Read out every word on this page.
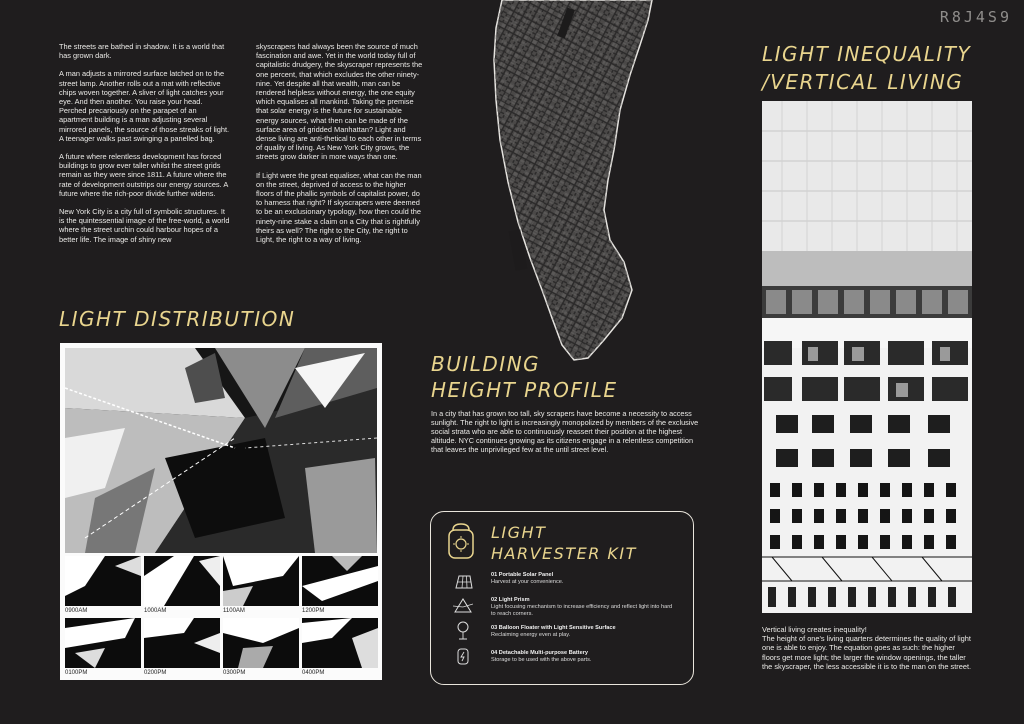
R8J4S9

The streets are bathed in shadow. It is a world that has grown dark.

A man adjusts a mirrored surface latched on to the street lamp. Another rolls out a mat with reflective chips woven together. A sliver of light catches your eye. And then another. You raise your head. Perched precariously on the parapet of an apartment building is a man adjusting several mirrored panels, the source of those streaks of light. A teenager walks past swinging a panelled bag.

A future where relentless development has forced buildings to grow ever taller whilst the street grids remain as they were since 1811. A future where the rate of development outstrips our energy sources. A future where the rich-poor divide further widens.

New York City is a city full of symbolic structures. It is the quintessential image of the free-world, a world where the street urchin could harbour hopes of a better life. The image of shiny new

skyscrapers had always been the source of much fascination and awe. Yet in the world today full of capitalistic drudgery, the skyscraper represents the one percent, that which excludes the other ninety-nine. Yet despite all that wealth, man can be rendered helpless without energy, the one equity which equalises all mankind. Taking the premise that solar energy is the future for sustainable energy sources, what then can be made of the surface area of gridded Manhattan? Light and dense living are anti-thetical to each other in terms of quality of living. As New York City grows, the streets grow darker in more ways than one.

If Light were the great equaliser, what can the man on the street, deprived of access to the higher floors of the phallic symbols of capitalist power, do to harness that right? If skyscrapers were deemed to be an exclusionary typology, how then could the ninety-nine stake a claim on a City that is rightfully theirs as well? The right to the City, the right to Light, the right to a way of living.

LIGHT DISTRIBUTION
0900AM	1000AM	1100AM	1200PM
0100PM	0200PM	0300PM	0400PM
BUILDING
HEIGHT PROFILE
In a city that has grown too tall, sky scrapers have become a necessity to access sunlight. The right to light is increasingly monopolized by members of the exclusive social strata who are able to continuously reassert their position at the highest altitude. NYC continues growing as its citizens engage in a relentless competition that leaves the unprivileged few at the until street level.
LIGHT
HARVESTER KIT
01 Portable Solar Panel
Harvest at your convenience.
02 Light Prism
Light focusing mechanism to increase efficiency and reflect light into hard to reach corners.
03 Balloon Floater with Light Sensitive Surface
Reclaiming energy even at play.
04 Detachable Multi-purpose Battery
Storage to be used with the above parts.
LIGHT INEQUALITY
/VERTICAL LIVING
Vertical living creates inequality!
The height of one's living quarters determines the quality of light one is able to enjoy. The equation goes as such: the higher floors get more light; the larger the window openings, the taller the skyscraper, the less accessible it is to the man on the street.
